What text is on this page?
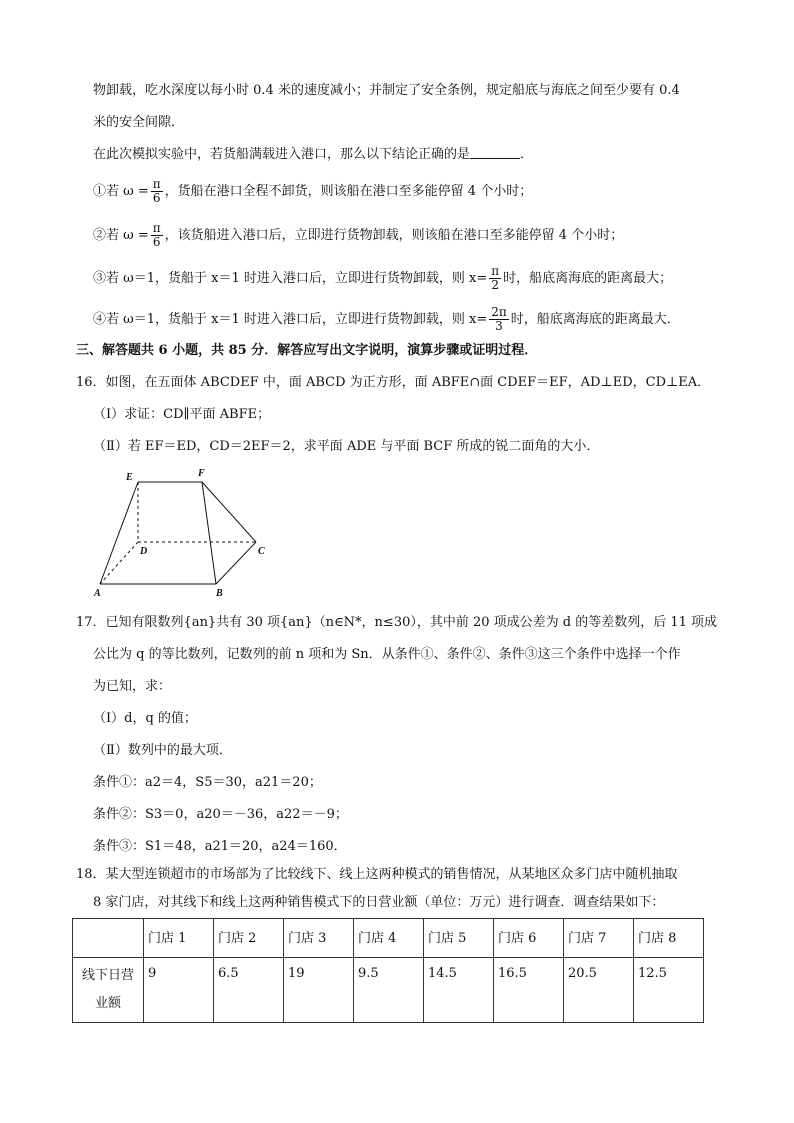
物卸载，吃水深度以每小时 0.4 米的速度减小；并制定了安全条例，规定船底与海底之间至少要有 0.4
米的安全间隙．
在此次模拟实验中，若货船满载进入港口，那么以下结论正确的是	．
①若 $\omega = \frac{\pi}{6}$ ，货船在港口全程不卸货，则该船在港口至多能停留 4 个小时；
②若 $\omega = \frac{\pi}{6}$ ，该货船进入港口后，立即进行货物卸载，则该船在港口至多能停留 4 个小时；
③若 ω＝1，货船于 x＝1 时进入港口后，立即进行货物卸载，则 $x= \frac{\pi}{2}$ 时，船底离海底的距离最大；
④若 ω＝1，货船于 x＝1 时进入港口后，立即进行货物卸载，则 $x= \frac{2\pi}{3}$ 时，船底离海底的距离最大．
三、解答题共 6 小题，共 85 分．解答应写出文字说明，演算步骤或证明过程．
16．如图，在五面体 ABCDEF 中，面 ABCD 为正方形，面 ABFE∩面 CDEF＝EF，AD⊥ED，CD⊥EA．
（Ⅰ）求证：CD∥平面 ABFE；
（Ⅱ）若 EF＝ED，CD＝2EF＝2，求平面 ADE 与平面 BCF 所成的锐二面角的大小．
E	F
D	C
A	B
17．已知有限数列{an}共有 30 项{an}（n∈N*，n≤30），其中前 20 项成公差为 d 的等差数列，后 11 项成
公比为 q 的等比数列，记数列的前 n 项和为 Sn．从条件①、条件②、条件③这三个条件中选择一个作
为已知，求：
（Ⅰ）d，q 的值；
（Ⅱ）数列中的最大项．
条件①：a2＝4，S5＝30，a21＝20；
条件②：S3＝0，a20＝－36，a22＝－9；
条件③：S1＝48，a21＝20，a24＝160．
18．某大型连锁超市的市场部为了比较线下、线上这两种模式的销售情况，从某地区众多门店中随机抽取
8 家门店，对其线下和线上这两种销售模式下的日营业额（单位：万元）进行调查．调查结果如下：
	门店 1	门店 2	门店 3	门店 4	门店 5	门店 6	门店 7	门店 8
线下日营业额	9	6.5	19	9.5	14.5	16.5	20.5	12.5
